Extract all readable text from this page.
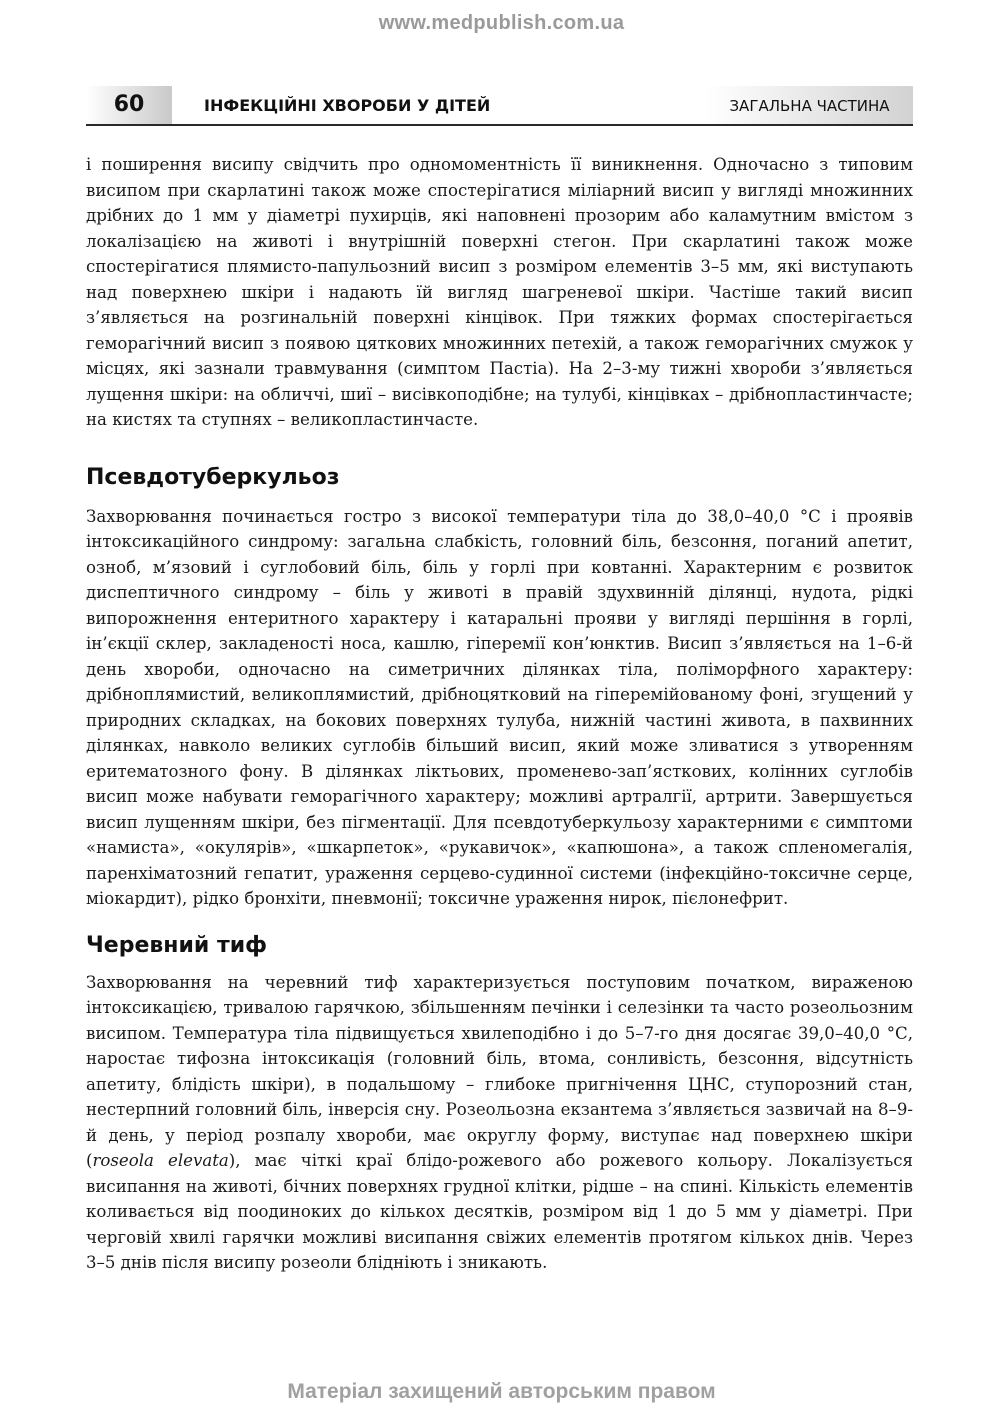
www.medpublish.com.ua
60	ІНФЕКЦІЙНІ ХВОРОБИ У ДІТЕЙ	ЗАГАЛЬНА ЧАСТИНА

і поширення висипу свідчить про одномоментність її виникнення. Одночасно з типовим висипом при скарлатині також може спостерігатися міліарний висип у вигляді множинних дрібних до 1 мм у діаметрі пухирців, які наповнені прозорим або каламутним вмістом з локалізацією на животі і внутрішній поверхні стегон. При скарлатині також може спостерігатися плямисто-папульозний висип з розміром елементів 3–5 мм, які виступають над поверхнею шкіри і надають їй вигляд шагреневої шкіри. Частіше такий висип з’являється на розгинальній поверхні кінцівок. При тяжких формах спостерігається геморагічний висип з появою цяткових множинних петехій, а також геморагічних смужок у місцях, які зазнали травмування (симптом Пастіа). На 2–3-му тижні хвороби з’являється лущення шкіри: на обличчі, шиї – висівкоподібне; на тулубі, кінцівках – дрібнопластинчасте; на кистях та ступнях – великопластинчасте.

Псевдотуберкульоз

Захворювання починається гостро з високої температури тіла до 38,0–40,0 °С і проявів інтоксикаційного синдрому: загальна слабкість, головний біль, безсоння, поганий апетит, озноб, м’язовий і суглобовий біль, біль у горлі при ковтанні. Характерним є розвиток диспептичного синдрому – біль у животі в правій здухвинній ділянці, нудота, рідкі випорожнення ентеритного характеру і катаральні прояви у вигляді першіння в горлі, ін’єкції склер, закладеності носа, кашлю, гіперемії кон’юнктив. Висип з’являється на 1–6-й день хвороби, одночасно на симетричних ділянках тіла, поліморфного характеру: дрібноплямистий, великоплямистий, дрібноцятковий на гіперемійованому фоні, згущений у природних складках, на бокових поверхнях тулуба, нижній частині живота, в пахвинних ділянках, навколо великих суглобів більший висип, який може зливатися з утворенням еритематозного фону. В ділянках ліктьових, променево-зап’ясткових, колінних суглобів висип може набувати геморагічного характеру; можливі артралгії, артрити. Завершується висип лущенням шкіри, без пігментації. Для псевдотуберкульозу характерними є симптоми «намиста», «окулярів», «шкарпеток», «рукавичок», «капюшона», а також спленомегалія, паренхіматозний гепатит, ураження серцево-судинної системи (інфекційно-токсичне серце, міокардит), рідко бронхіти, пневмонії; токсичне ураження нирок, пієлонефрит.

Черевний тиф

Захворювання на черевний тиф характеризується поступовим початком, вираженою інтоксикацією, тривалою гарячкою, збільшенням печінки і селезінки та часто розеольозним висипом. Температура тіла підвищується хвилеподібно і до 5–7-го дня досягає 39,0–40,0 °С, наростає тифозна інтоксикація (головний біль, втома, сонливість, безсоння, відсутність апетиту, блідість шкіри), в подальшому – глибоке пригнічення ЦНС, ступорозний стан, нестерпний головний біль, інверсія сну. Розеольозна екзантема з’являється зазвичай на 8–9-й день, у період розпалу хвороби, має округлу форму, виступає над поверхнею шкіри (roseola elevata), має чіткі краї блідо-рожевого або рожевого кольору. Локалізується висипання на животі, бічних поверхнях грудної клітки, рідше – на спині. Кількість елементів коливається від поодиноких до кількох десятків, розміром від 1 до 5 мм у діаметрі. При черговій хвилі гарячки можливі висипання свіжих елементів протягом кількох днів. Через 3–5 днів після висипу розеоли блідніють і зникають.

Матеріал захищений авторським правом
